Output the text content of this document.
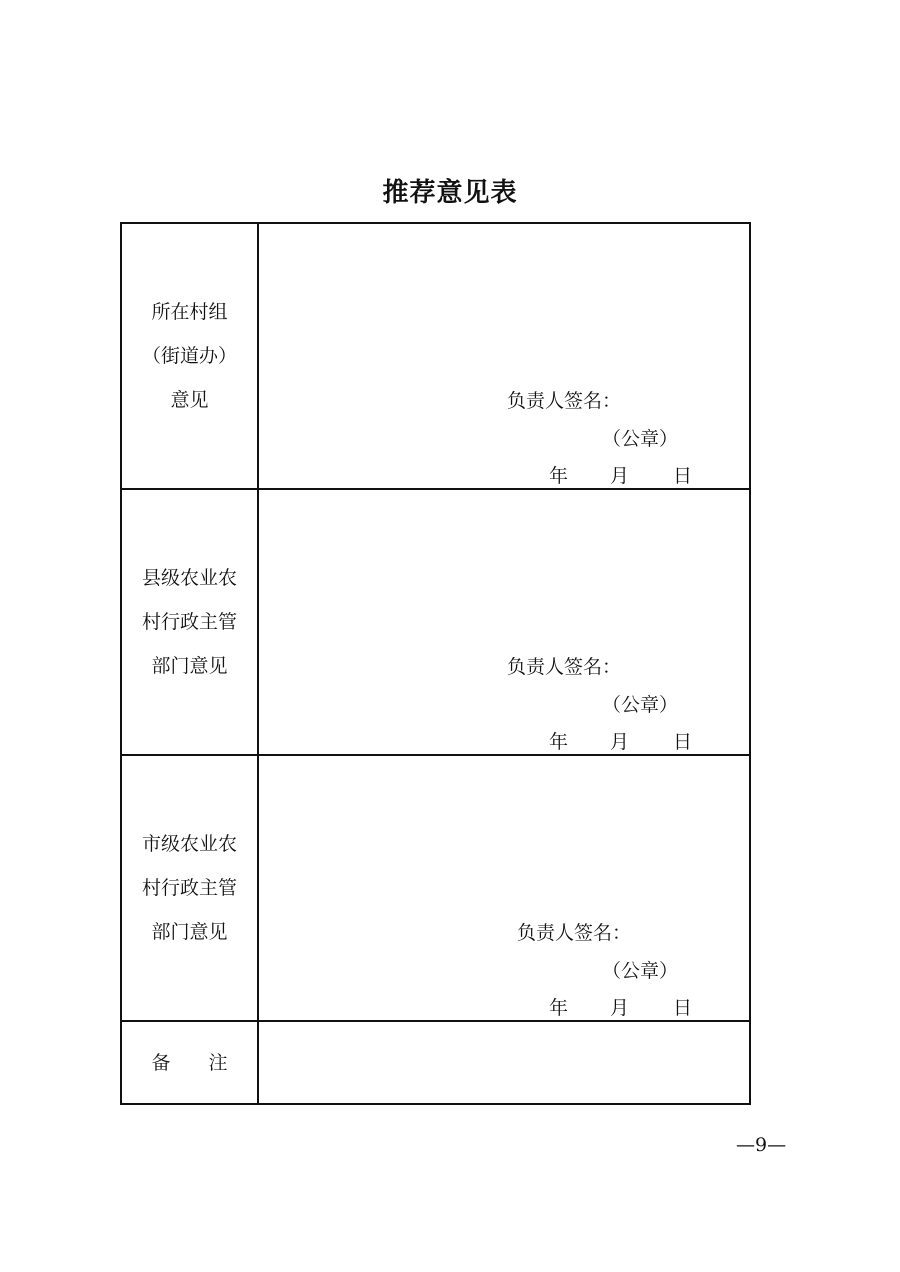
推荐意见表
所在村组
（街道办）
意见	负责人签名：
（公章）
年 月 日
县级农业农
村行政主管
部门意见	负责人签名：
（公章）
年 月 日
市级农业农
村行政主管
部门意见	负责人签名：
（公章）
年 月 日
备 注
—9—
